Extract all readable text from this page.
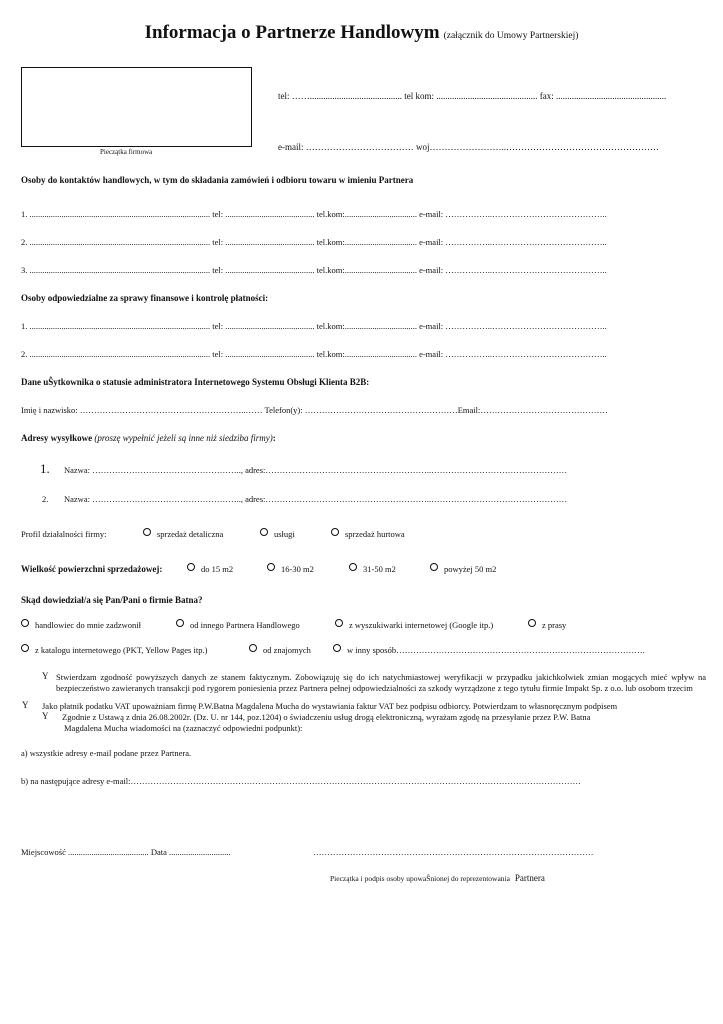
Informacja o Partnerze Handlowym (załącznik do Umowy Partnerskiej)
Pieczątka firmowa
tel: ……......................................... tel kom: ............................................. fax: .................................................
e-mail: ……………………………… woj……………………..……………………………………………
Osoby do kontaktów handlowych, w tym do składania zamówień i odbioru towaru w imieniu Partnera
1. ..................................................................................... tel: .......................................... tel.kom:.................................. e-mail: ……………..…………………………………..
2. ..................................................................................... tel: .......................................... tel.kom:.................................. e-mail: ……………..…………………………………..
3. ..................................................................................... tel: .......................................... tel.kom:.................................. e-mail: ……………..…………………………………..
Osoby odpowiedzialne za sprawy finansowe i kontrolę płatności:
1. ..................................................................................... tel: .......................................... tel.kom:.................................. e-mail: ……………..…………………………………..
2. ..................................................................................... tel: .......................................... tel.kom:.................................. e-mail: ……………..…………………………………..
Dane uŜytkownika o statusie administratora Internetowego Systemu Obsługi Klienta B2B:
Imię i nazwisko: …………………………………………………..…… Telefon(y): ………………………………………………Email:………………………………………
Adresy wysyłkowe (proszę wypełnić jeżeli są inne niż siedziba firmy):
1. Nazwa: …………………………………………….., adres:…………………………………………………..…………………………………………
2. Nazwa: …………………………………………….., adres:…………………………………………………..…………………………………………
Profil działalności firmy:	sprzedaż detaliczna	usługi	sprzedaż hurtowa
Wielkość powierzchni sprzedażowej:	do 15 m2	16-30 m2	31-50 m2	powyżej 50 m2
Skąd dowiedział/a się Pan/Pani o firmie Batna?
handlowiec do mnie zadzwonił	od innego Partnera Handlowego	z wyszukiwarki internetowej (Google itp.)	z prasy
z katalogu internetowego (PKT, Yellow Pages itp.)	od znajomych	w inny sposób…………………………………………………………………………….
Y Stwierdzam zgodność powyższych danych ze stanem faktycznym. Zobowiązuję się do ich natychmiastowej weryfikacji w przypadku jakichkolwiek zmian mogących mieć wpływ na bezpieczeństwo zawieranych transakcji pod rygorem poniesienia przez Partnera pełnej odpowiedzialności za szkody wyrządzone z tego tytułu firmie Impakt Sp. z o.o. lub osobom trzecim
Y Jako płatnik podatku VAT upoważniam firmę P.W.Batna Magdalena Mucha do wystawiania faktur VAT bez podpisu odbiorcy. Potwierdzam to własnoręcznym podpisem
Y Zgodnie z Ustawą z dnia 26.08.2002r. (Dz. U. nr 144, poz.1204) o świadczeniu usług drogą elektroniczną, wyrażam zgodę na przesyłanie przez P.W. Batna
Magdalena Mucha wiadomości na (zaznaczyć odpowiedni podpunkt):
a) wszystkie adresy e-mail podane przez Partnera.
b) na następujące adresy e-mail:……………………………………………………………………………………………………………………………………………
Miejscowość ...................................... Data .............................	………………………………………………………………………………………
Pieczątka i podpis osoby upowaŜnionej do reprezentowania Partnera
